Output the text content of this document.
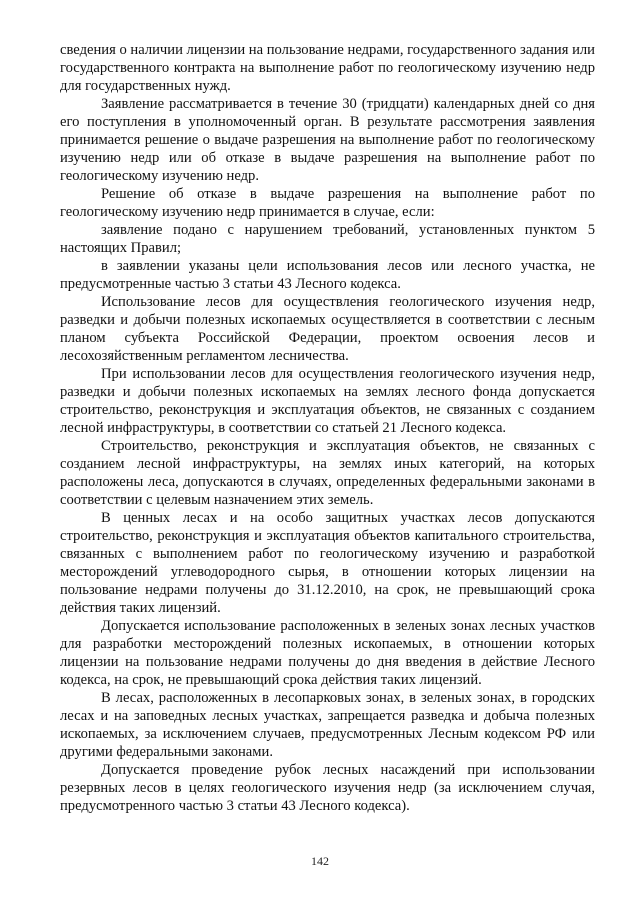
сведения о наличии лицензии на пользование недрами, государственного задания или государственного контракта на выполнение работ по геологическому изучению недр для государственных нужд.

Заявление рассматривается в течение 30 (тридцати) календарных дней со дня его поступления в уполномоченный орган. В результате рассмотрения заявления принимается решение о выдаче разрешения на выполнение работ по геологическому изучению недр или об отказе в выдаче разрешения на выполнение работ по геологическому изучению недр.

Решение об отказе в выдаче разрешения на выполнение работ по геологическому изучению недр принимается в случае, если:

заявление подано с нарушением требований, установленных пунктом 5 настоящих Правил;

в заявлении указаны цели использования лесов или лесного участка, не предусмотренные частью 3 статьи 43 Лесного кодекса.

Использование лесов для осуществления геологического изучения недр, разведки и добычи полезных ископаемых осуществляется в соответствии с лесным планом субъекта Российской Федерации, проектом освоения лесов и лесохозяйственным регламентом лесничества.

При использовании лесов для осуществления геологического изучения недр, разведки и добычи полезных ископаемых на землях лесного фонда допускается строительство, реконструкция и эксплуатация объектов, не связанных с созданием лесной инфраструктуры, в соответствии со статьей 21 Лесного кодекса.

Строительство, реконструкция и эксплуатация объектов, не связанных с созданием лесной инфраструктуры, на землях иных категорий, на которых расположены леса, допускаются в случаях, определенных федеральными законами в соответствии с целевым назначением этих земель.

В ценных лесах и на особо защитных участках лесов допускаются строительство, реконструкция и эксплуатация объектов капитального строительства, связанных с выполнением работ по геологическому изучению и разработкой месторождений углеводородного сырья, в отношении которых лицензии на пользование недрами получены до 31.12.2010, на срок, не превышающий срока действия таких лицензий.

Допускается использование расположенных в зеленых зонах лесных участков для разработки месторождений полезных ископаемых, в отношении которых лицензии на пользование недрами получены до дня введения в действие Лесного кодекса, на срок, не превышающий срока действия таких лицензий.

В лесах, расположенных в лесопарковых зонах, в зеленых зонах, в городских лесах и на заповедных лесных участках, запрещается разведка и добыча полезных ископаемых, за исключением случаев, предусмотренных Лесным кодексом РФ или другими федеральными законами.

Допускается проведение рубок лесных насаждений при использовании резервных лесов в целях геологического изучения недр (за исключением случая, предусмотренного частью 3 статьи 43 Лесного кодекса).

142
